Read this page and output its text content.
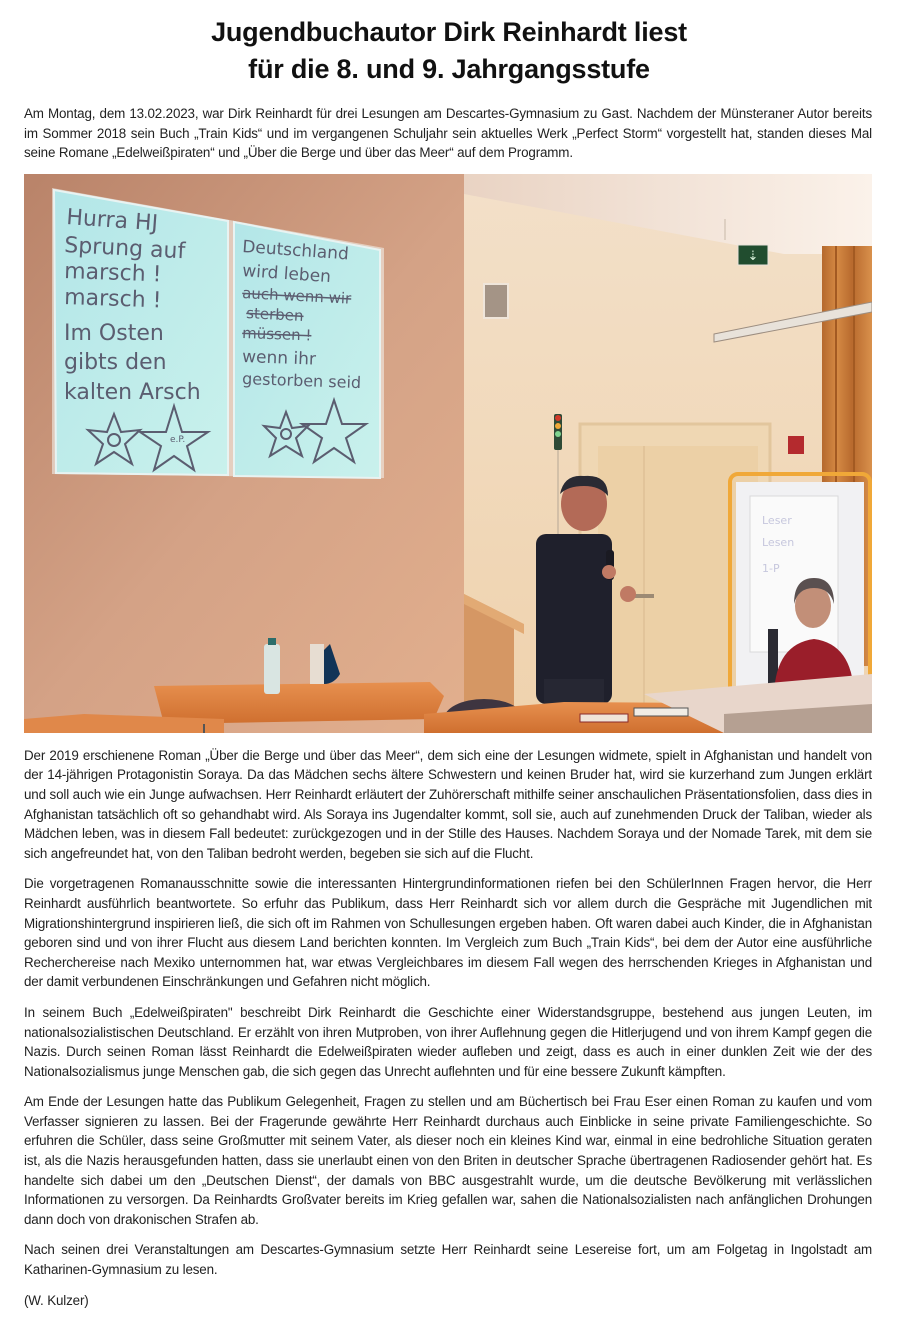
Jugendbuchautor Dirk Reinhardt liest
für die 8. und 9. Jahrgangsstufe

Am Montag, dem 13.02.2023, war Dirk Reinhardt für drei Lesungen am Descartes-Gymnasium zu Gast. Nachdem der Münsteraner Autor bereits im Sommer 2018 sein Buch „Train Kids“ und im vergangenen Schuljahr sein aktuelles Werk „Perfect Storm“ vorgestellt hat, standen dieses Mal seine Romane „Edelweißpiraten“ und „Über die Berge und über das Meer“ auf dem Programm.

⇣
Hurra HJ
Sprung auf
marsch !
marsch !
Im Osten
gibts den
kalten Arsch
Deutschland
wird leben
auch wenn wir
sterben
müssen !
wenn ihr
gestorben seid
e.P.
Leser
Lesen
1-P

Der 2019 erschienene Roman „Über die Berge und über das Meer“, dem sich eine der Lesungen widmete, spielt in Afghanistan und handelt von der 14-jährigen Protagonistin Soraya. Da das Mädchen sechs ältere Schwestern und keinen Bruder hat, wird sie kurzerhand zum Jungen erklärt und soll auch wie ein Junge aufwachsen. Herr Reinhardt erläutert der Zuhörerschaft mithilfe seiner anschaulichen Präsentationsfolien, dass dies in Afghanistan tatsächlich oft so gehandhabt wird. Als Soraya ins Jugendalter kommt, soll sie, auch auf zunehmenden Druck der Taliban, wieder als Mädchen leben, was in diesem Fall bedeutet: zurückgezogen und in der Stille des Hauses. Nachdem Soraya und der Nomade Tarek, mit dem sie sich angefreundet hat, von den Taliban bedroht werden, begeben sie sich auf die Flucht.

Die vorgetragenen Romanausschnitte sowie die interessanten Hintergrundinformationen riefen bei den SchülerInnen Fragen hervor, die Herr Reinhardt ausführlich beantwortete. So erfuhr das Publikum, dass Herr Reinhardt sich vor allem durch die Gespräche mit Jugendlichen mit Migrationshintergrund inspirieren ließ, die sich oft im Rahmen von Schullesungen ergeben haben. Oft waren dabei auch Kinder, die in Afghanistan geboren sind und von ihrer Flucht aus diesem Land berichten konnten. Im Vergleich zum Buch „Train Kids“, bei dem der Autor eine ausführliche Recherchereise nach Mexiko unternommen hat, war etwas Vergleichbares im diesem Fall wegen des herrschenden Krieges in Afghanistan und der damit verbundenen Einschränkungen und Gefahren nicht möglich.

In seinem Buch „Edelweißpiraten" beschreibt Dirk Reinhardt die Geschichte einer Widerstandsgruppe, bestehend aus jungen Leuten, im nationalsozialistischen Deutschland. Er erzählt von ihren Mutproben, von ihrer Auflehnung gegen die Hitlerjugend und von ihrem Kampf gegen die Nazis. Durch seinen Roman lässt Reinhardt die Edelweißpiraten wieder aufleben und zeigt, dass es auch in einer dunklen Zeit wie der des Nationalsozialismus junge Menschen gab, die sich gegen das Unrecht auflehnten und für eine bessere Zukunft kämpften.

Am Ende der Lesungen hatte das Publikum Gelegenheit, Fragen zu stellen und am Büchertisch bei Frau Eser einen Roman zu kaufen und vom Verfasser signieren zu lassen. Bei der Fragerunde gewährte Herr Reinhardt durchaus auch Einblicke in seine private Familiengeschichte. So erfuhren die Schüler, dass seine Großmutter mit seinem Vater, als dieser noch ein kleines Kind war, einmal in eine bedrohliche Situation geraten ist, als die Nazis herausgefunden hatten, dass sie unerlaubt einen von den Briten in deutscher Sprache übertragenen Radiosender gehört hat. Es handelte sich dabei um den „Deutschen Dienst“, der damals von BBC ausgestrahlt wurde, um die deutsche Bevölkerung mit verlässlichen Informationen zu versorgen. Da Reinhardts Großvater bereits im Krieg gefallen war, sahen die Nationalsozialisten nach anfänglichen Drohungen dann doch von drakonischen Strafen ab.

Nach seinen drei Veranstaltungen am Descartes-Gymnasium setzte Herr Reinhardt seine Lesereise fort, um am Folgetag in Ingolstadt am Katharinen-Gymnasium zu lesen.

(W. Kulzer)
